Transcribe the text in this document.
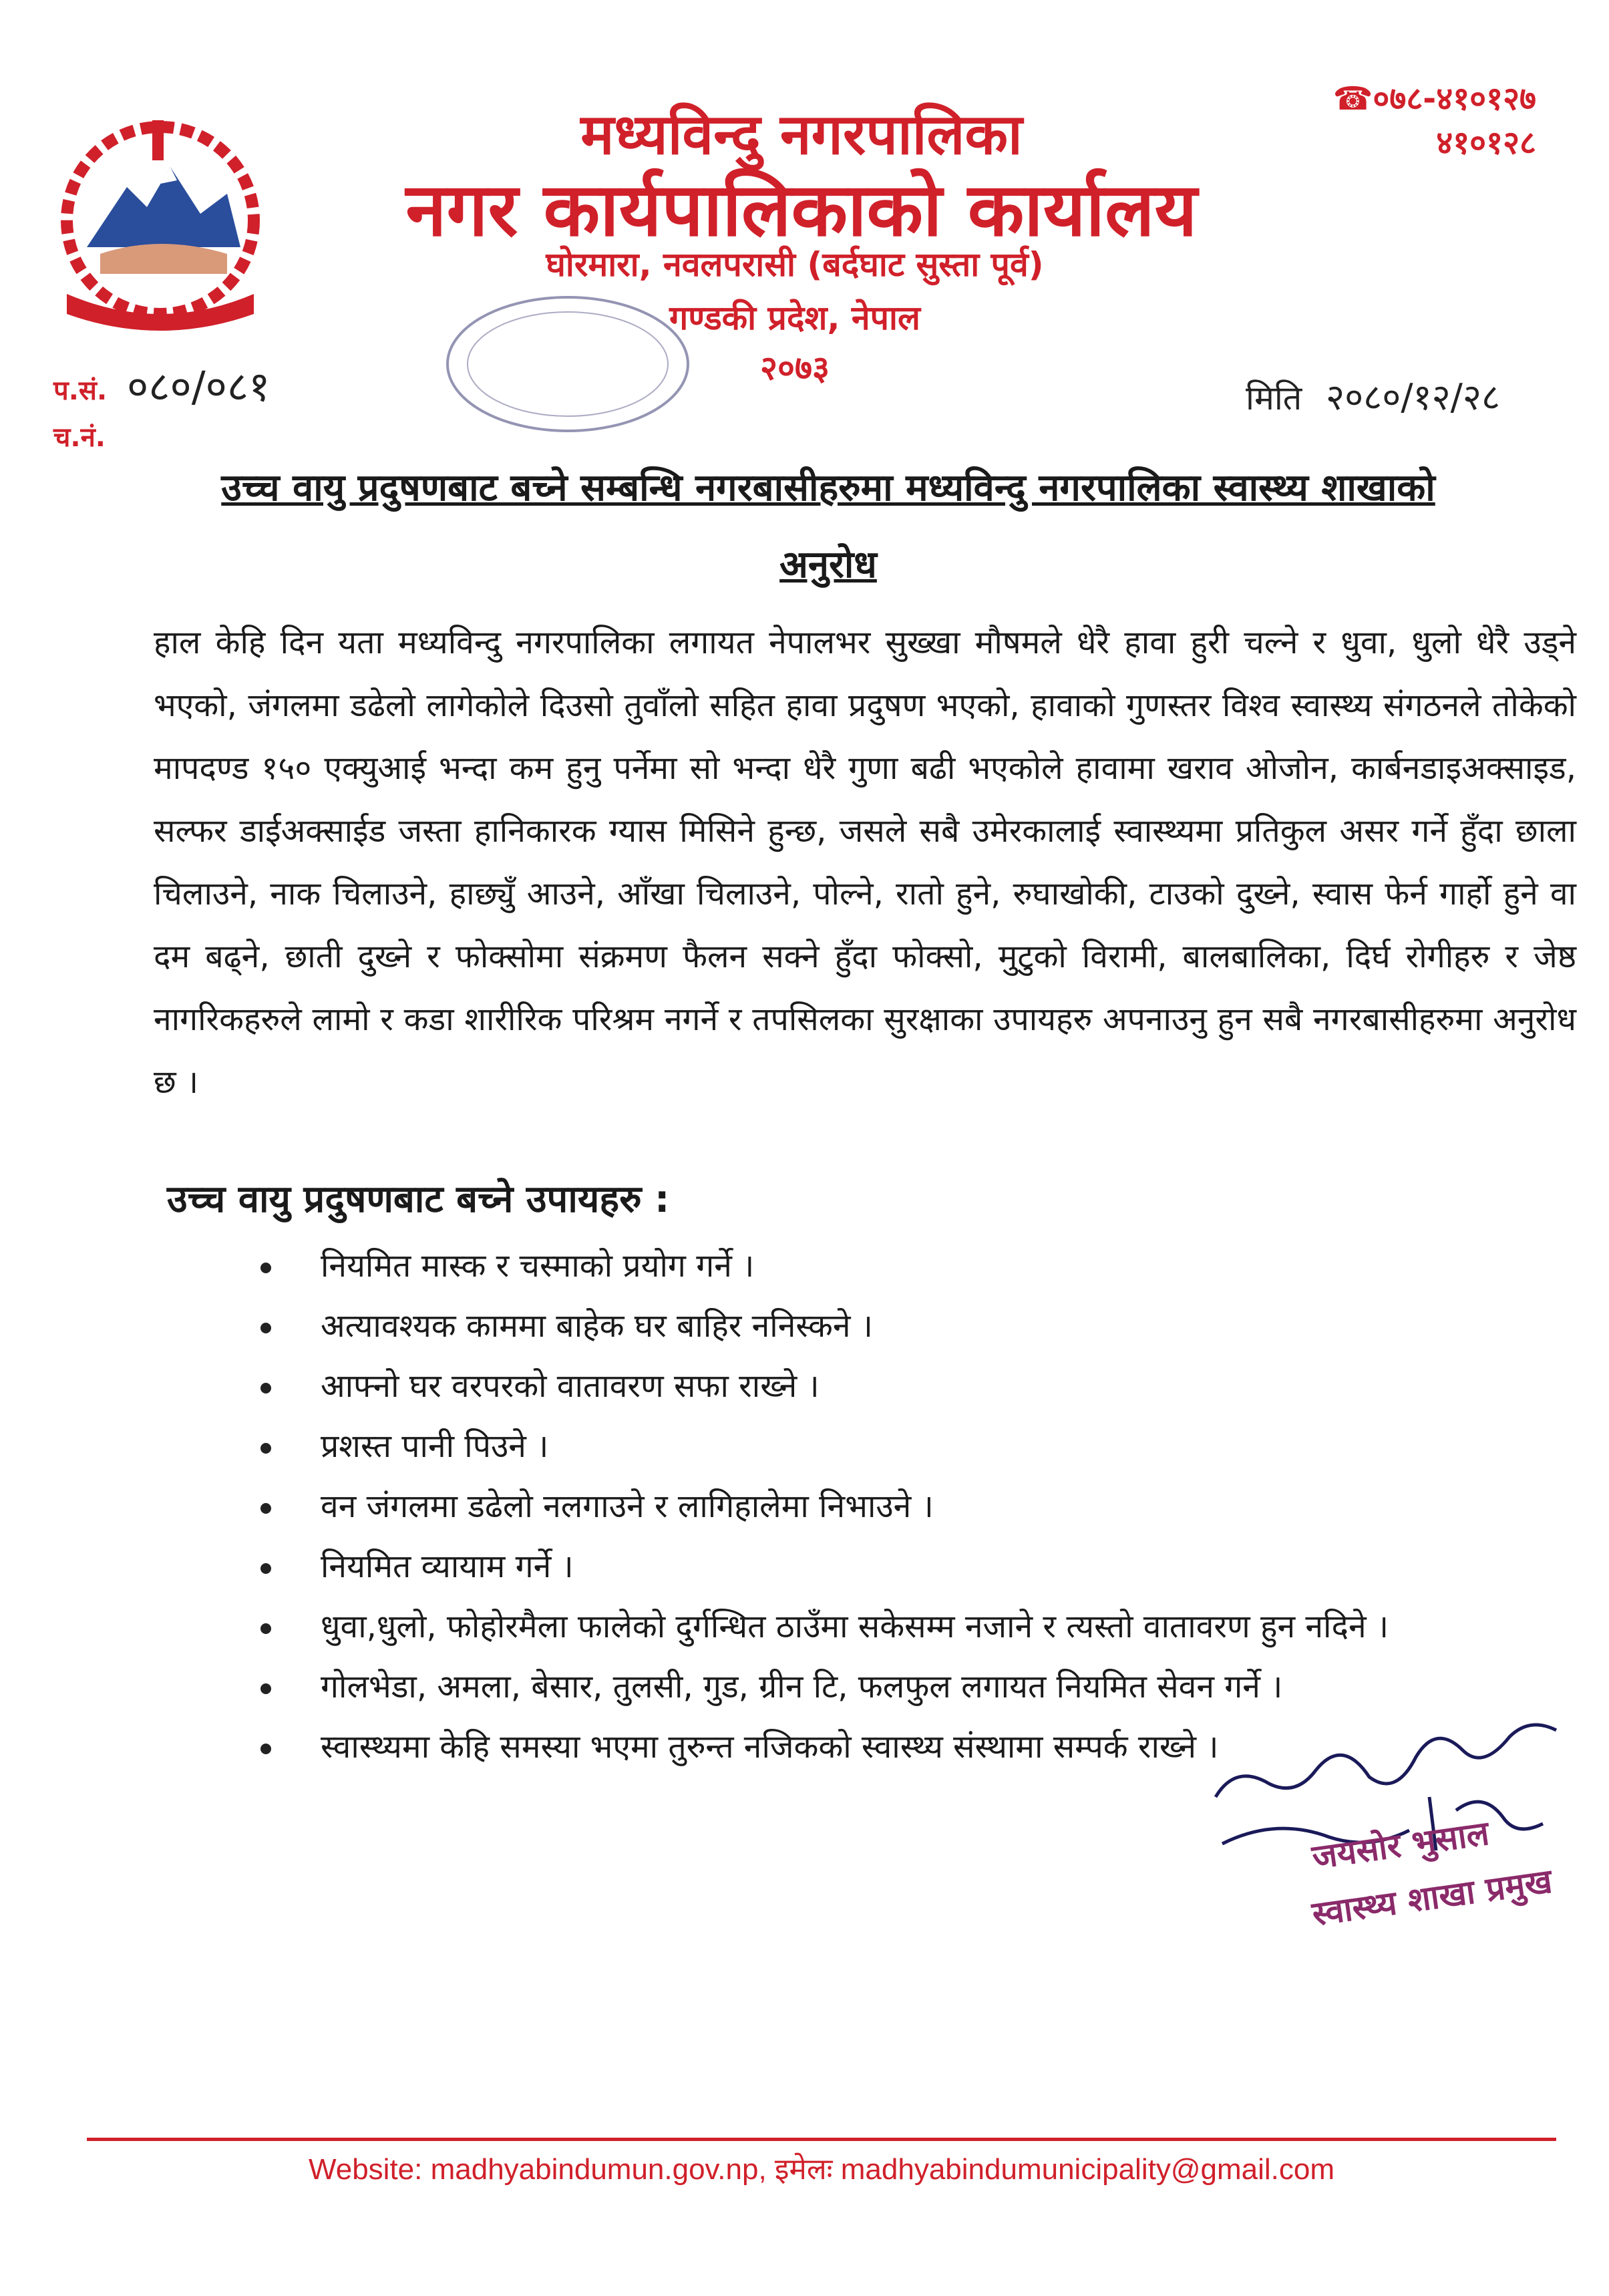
मध्यविन्दु नगरपालिका
नगर कार्यपालिकाको कार्यालय
घोरमारा, नवलपरासी (बर्दघाट सुस्ता पूर्व)
गण्डकी प्रदेश, नेपाल
२०७३
☎०७८-४१०१२७
४१०१२८
प.सं. ०८०/०८१
च.नं.
मिति २०८०/१२/२८
उच्च वायु प्रदुषणबाट बच्ने सम्बन्धि नगरबासीहरुमा मध्यविन्दु नगरपालिका स्वास्थ्य शाखाको
अनुरोध
हाल केहि दिन यता मध्यविन्दु नगरपालिका लगायत नेपालभर सुख्खा मौषमले धेरै हावा हुरी चल्ने र धुवा, धुलो धेरै उड्ने भएको, जंगलमा डढेलो लागेकोले दिउसो तुवाँलो सहित हावा प्रदुषण भएको, हावाको गुणस्तर विश्व स्वास्थ्य संगठनले तोकेको मापदण्ड १५० एक्युआई भन्दा कम हुनु पर्नेमा सो भन्दा धेरै गुणा बढी भएकोले हावामा खराव ओजोन, कार्बनडाइअक्साइड, सल्फर डाईअक्साईड जस्ता हानिकारक ग्यास मिसिने हुन्छ, जसले सबै उमेरकालाई स्वास्थ्यमा प्रतिकुल असर गर्ने हुँदा छाला चिलाउने, नाक चिलाउने, हाछ्युँ आउने, आँखा चिलाउने, पोल्ने, रातो हुने, रुघाखोकी, टाउको दुख्ने, स्वास फेर्न गार्हो हुने वा दम बढ्ने, छाती दुख्ने र फोक्सोमा संक्रमण फैलन सक्ने हुँदा फोक्सो, मुटुको विरामी, बालबालिका, दिर्घ रोगीहरु र जेष्ठ नागरिकहरुले लामो र कडा शारीरिक परिश्रम नगर्ने र तपसिलका सुरक्षाका उपायहरु अपनाउनु हुन सबै नगरबासीहरुमा अनुरोध छ ।
उच्च वायु प्रदुषणबाट बच्ने उपायहरु :
नियमित मास्क र चस्माको प्रयोग गर्ने ।
अत्यावश्यक काममा बाहेक घर बाहिर ननिस्कने ।
आफ्नो घर वरपरको वातावरण सफा राख्ने ।
प्रशस्त पानी पिउने ।
वन जंगलमा डढेलो नलगाउने र लागिहालेमा निभाउने ।
नियमित व्यायाम गर्ने ।
धुवा,धुलो, फोहोरमैला फालेको दुर्गन्धित ठाउँमा सकेसम्म नजाने र त्यस्तो वातावरण हुन नदिने ।
गोलभेडा, अमला, बेसार, तुलसी, गुड, ग्रीन टि, फलफुल लगायत नियमित सेवन गर्ने ।
स्वास्थ्यमा केहि समस्या भएमा तुरुन्त नजिकको स्वास्थ्य संस्थामा सम्पर्क राख्ने ।
जयसोर भुसाल
स्वास्थ्य शाखा प्रमुख
Website: madhyabindumun.gov.np, इमेलः madhyabindumunicipality@gmail.com
